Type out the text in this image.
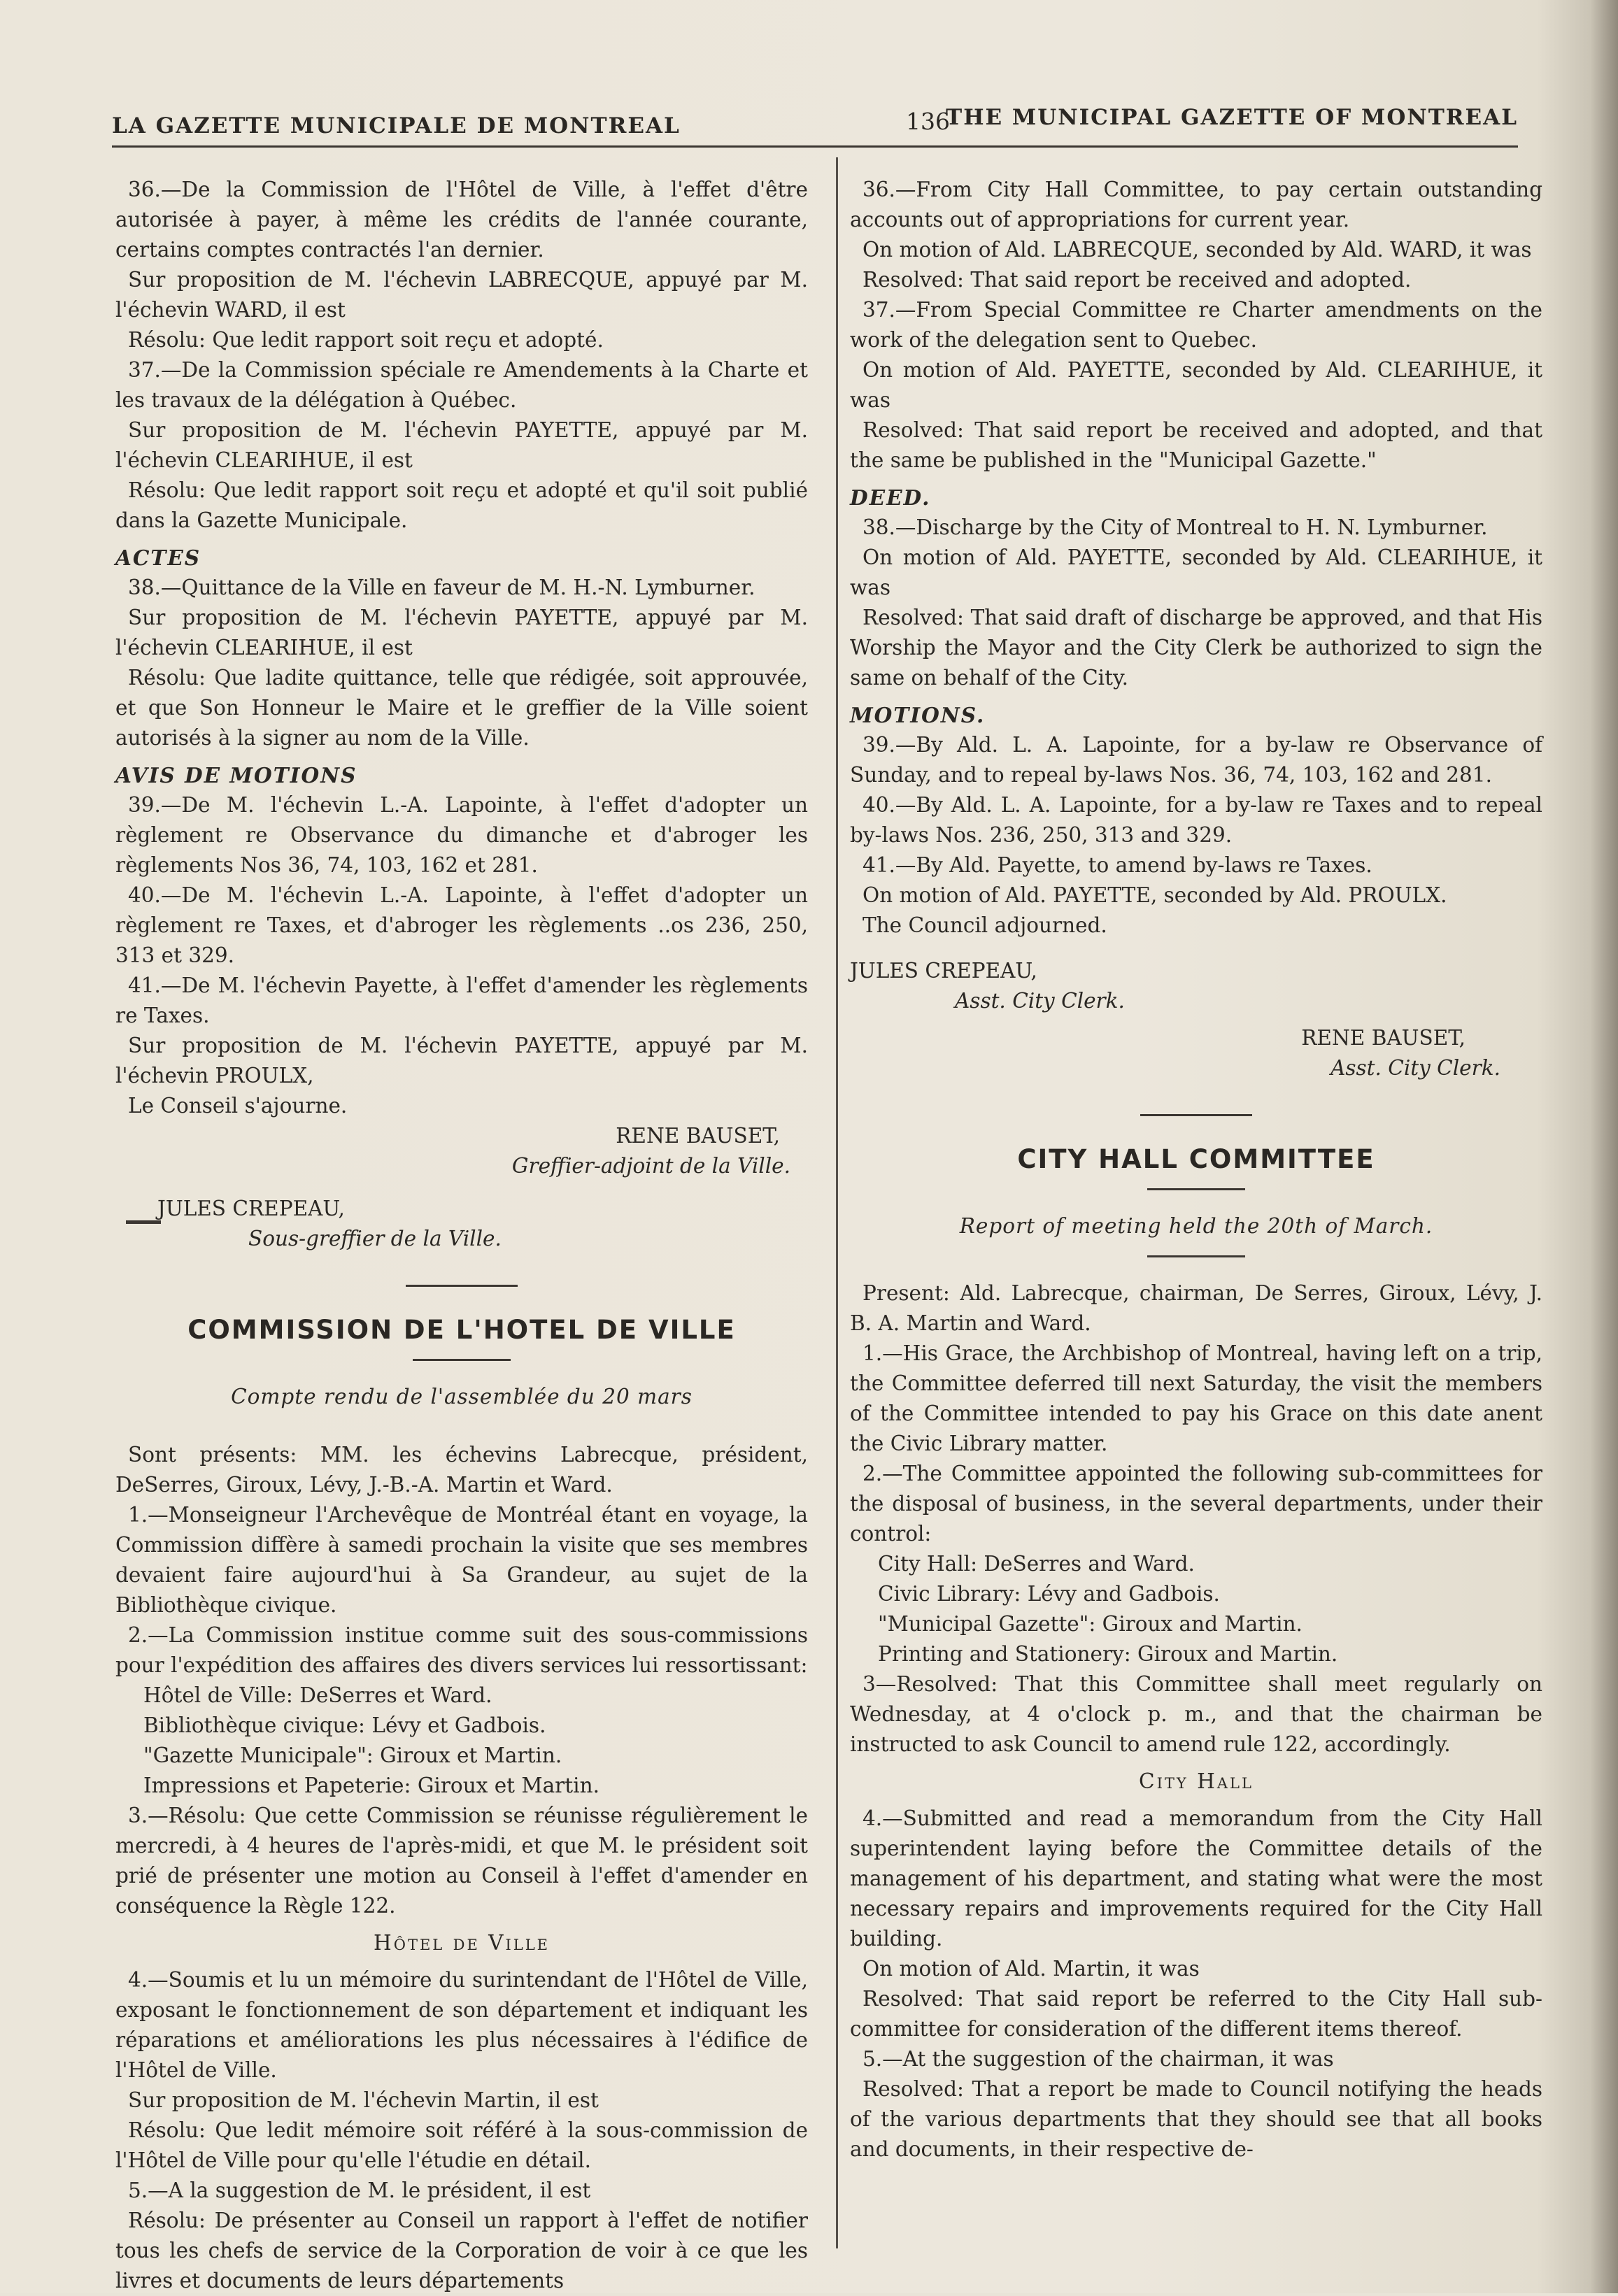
LA GAZETTE MUNICIPALE DE MONTREAL	136
THE MUNICIPAL GAZETTE OF MONTREAL

36.—De la Commission de l'Hôtel de Ville, à l'effet d'être autorisée à payer, à même les crédits de l'année courante, certains comptes contractés l'an dernier.

Sur proposition de M. l'échevin LABRECQUE, appuyé par M. l'échevin WARD, il est

Résolu: Que ledit rapport soit reçu et adopté.

37.—De la Commission spéciale re Amendements à la Charte et les travaux de la délégation à Québec.

Sur proposition de M. l'échevin PAYETTE, appuyé par M. l'échevin CLEARIHUE, il est

Résolu: Que ledit rapport soit reçu et adopté et qu'il soit publié dans la Gazette Municipale.

ACTES

38.—Quittance de la Ville en faveur de M. H.-N. Lymburner.

Sur proposition de M. l'échevin PAYETTE, appuyé par M. l'échevin CLEARIHUE, il est

Résolu: Que ladite quittance, telle que rédigée, soit approuvée, et que Son Honneur le Maire et le greffier de la Ville soient autorisés à la signer au nom de la Ville.

AVIS DE MOTIONS

39.—De M. l'échevin L.-A. Lapointe, à l'effet d'adopter un règlement re Observance du dimanche et d'abroger les règlements Nos 36, 74, 103, 162 et 281.

40.—De M. l'échevin L.-A. Lapointe, à l'effet d'adopter un règlement re Taxes, et d'abroger les règlements ..os 236, 250, 313 et 329.

41.—De M. l'échevin Payette, à l'effet d'amender les règlements re Taxes.

Sur proposition de M. l'échevin PAYETTE, appuyé par M. l'échevin PROULX,

Le Conseil s'ajourne.

RENE BAUSET,

Greffier-adjoint de la Ville.

JULES CREPEAU,

Sous-greffier de la Ville.

COMMISSION DE L'HOTEL DE VILLE

Compte rendu de l'assemblée du 20 mars

Sont présents: MM. les échevins Labrecque, président, DeSerres, Giroux, Lévy, J.-B.-A. Martin et Ward.

1.—Monseigneur l'Archevêque de Montréal étant en voyage, la Commission diffère à samedi prochain la visite que ses membres devaient faire aujourd'hui à Sa Grandeur, au sujet de la Bibliothèque civique.

2.—La Commission institue comme suit des sous-commissions pour l'expédition des affaires des divers services lui ressortissant:

Hôtel de Ville: DeSerres et Ward.

Bibliothèque civique: Lévy et Gadbois.

"Gazette Municipale": Giroux et Martin.

Impressions et Papeterie: Giroux et Martin.

3.—Résolu: Que cette Commission se réunisse régulièrement le mercredi, à 4 heures de l'après-midi, et que M. le président soit prié de présenter une motion au Conseil à l'effet d'amender en conséquence la Règle 122.

Hôtel de Ville

4.—Soumis et lu un mémoire du surintendant de l'Hôtel de Ville, exposant le fonctionnement de son département et indiquant les réparations et améliorations les plus nécessaires à l'édifice de l'Hôtel de Ville.

Sur proposition de M. l'échevin Martin, il est

Résolu: Que ledit mémoire soit référé à la sous-commission de l'Hôtel de Ville pour qu'elle l'étudie en détail.

5.—A la suggestion de M. le président, il est

Résolu: De présenter au Conseil un rapport à l'effet de notifier tous les chefs de service de la Corporation de voir à ce que les livres et documents de leurs départements

36.—From City Hall Committee, to pay certain outstanding accounts out of appropriations for current year.

On motion of Ald. LABRECQUE, seconded by Ald. WARD, it was

Resolved: That said report be received and adopted.

37.—From Special Committee re Charter amendments on the work of the delegation sent to Quebec.

On motion of Ald. PAYETTE, seconded by Ald. CLEARIHUE, it was

Resolved: That said report be received and adopted, and that the same be published in the "Municipal Gazette."

DEED.

38.—Discharge by the City of Montreal to H. N. Lymburner.

On motion of Ald. PAYETTE, seconded by Ald. CLEARIHUE, it was

Resolved: That said draft of discharge be approved, and that His Worship the Mayor and the City Clerk be authorized to sign the same on behalf of the City.

MOTIONS.

39.—By Ald. L. A. Lapointe, for a by-law re Observance of Sunday, and to repeal by-laws Nos. 36, 74, 103, 162 and 281.

40.—By Ald. L. A. Lapointe, for a by-law re Taxes and to repeal by-laws Nos. 236, 250, 313 and 329.

41.—By Ald. Payette, to amend by-laws re Taxes.

On motion of Ald. PAYETTE, seconded by Ald. PROULX.

The Council adjourned.

JULES CREPEAU,

Asst. City Clerk.

RENE BAUSET,

Asst. City Clerk.

CITY HALL COMMITTEE

Report of meeting held the 20th of March.

Present: Ald. Labrecque, chairman, De Serres, Giroux, Lévy, J. B. A. Martin and Ward.

1.—His Grace, the Archbishop of Montreal, having left on a trip, the Committee deferred till next Saturday, the visit the members of the Committee intended to pay his Grace on this date anent the Civic Library matter.

2.—The Committee appointed the following sub-committees for the disposal of business, in the several departments, under their control:

City Hall: DeSerres and Ward.

Civic Library: Lévy and Gadbois.

"Municipal Gazette": Giroux and Martin.

Printing and Stationery: Giroux and Martin.

3—Resolved: That this Committee shall meet regularly on Wednesday, at 4 o'clock p. m., and that the chairman be instructed to ask Council to amend rule 122, accordingly.

City Hall

4.—Submitted and read a memorandum from the City Hall superintendent laying before the Committee details of the management of his department, and stating what were the most necessary repairs and improvements required for the City Hall building.

On motion of Ald. Martin, it was

Resolved: That said report be referred to the City Hall sub-committee for consideration of the different items thereof.

5.—At the suggestion of the chairman, it was

Resolved: That a report be made to Council notifying the heads of the various departments that they should see that all books and documents, in their respective de-
